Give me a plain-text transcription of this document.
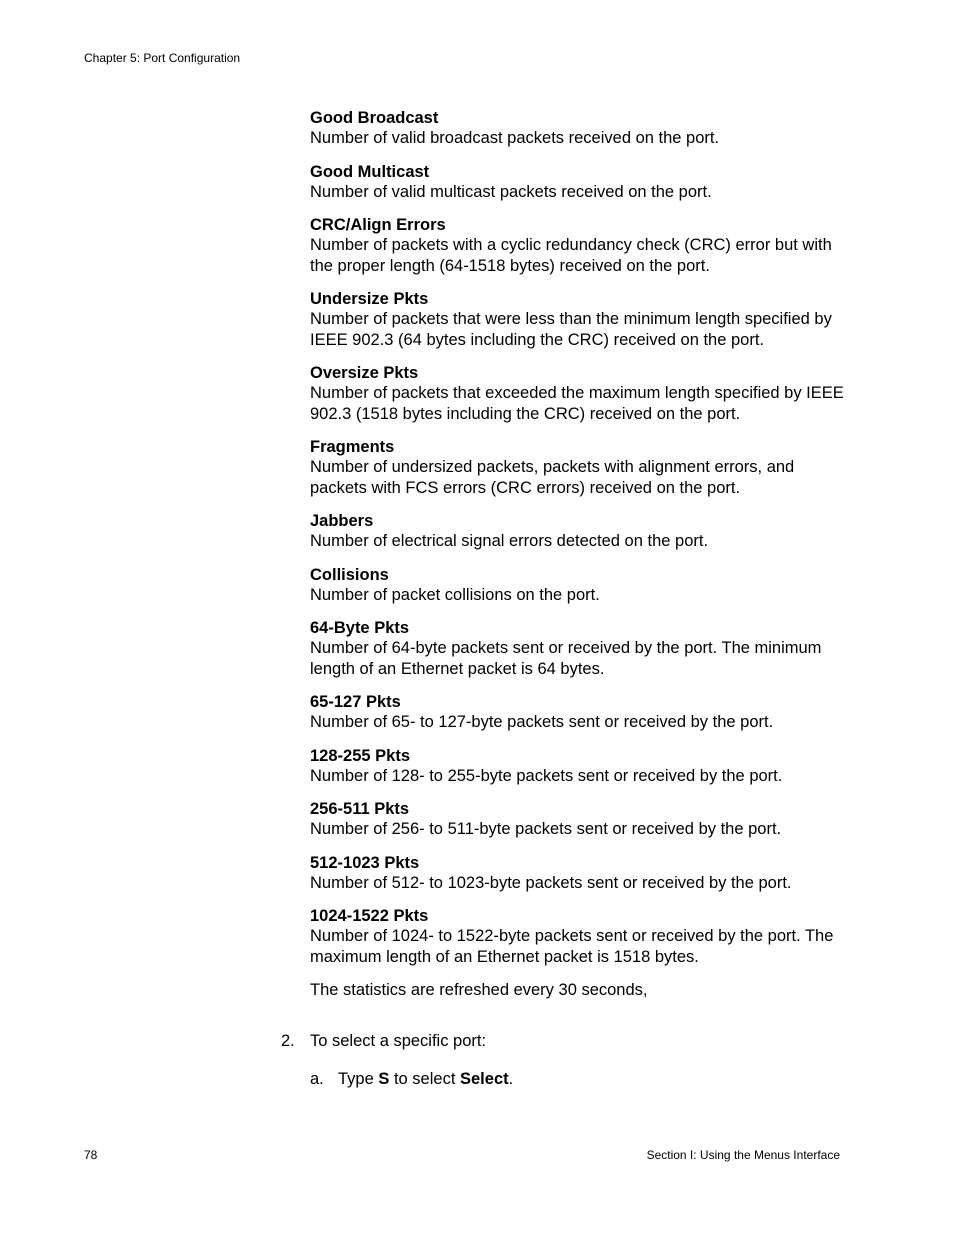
Chapter 5: Port Configuration
Good Broadcast
Number of valid broadcast packets received on the port.
Good Multicast
Number of valid multicast packets received on the port.
CRC/Align Errors
Number of packets with a cyclic redundancy check (CRC) error but with the proper length (64-1518 bytes) received on the port.
Undersize Pkts
Number of packets that were less than the minimum length specified by IEEE 902.3 (64 bytes including the CRC) received on the port.
Oversize Pkts
Number of packets that exceeded the maximum length specified by IEEE 902.3 (1518 bytes including the CRC) received on the port.
Fragments
Number of undersized packets, packets with alignment errors, and packets with FCS errors (CRC errors) received on the port.
Jabbers
Number of electrical signal errors detected on the port.
Collisions
Number of packet collisions on the port.
64-Byte Pkts
Number of 64-byte packets sent or received by the port. The minimum length of an Ethernet packet is 64 bytes.
65-127 Pkts
Number of 65- to 127-byte packets sent or received by the port.
128-255 Pkts
Number of 128- to 255-byte packets sent or received by the port.
256-511 Pkts
Number of 256- to 511-byte packets sent or received by the port.
512-1023 Pkts
Number of 512- to 1023-byte packets sent or received by the port.
1024-1522 Pkts
Number of 1024- to 1522-byte packets sent or received by the port. The maximum length of an Ethernet packet is 1518 bytes.
The statistics are refreshed every 30 seconds,
2. To select a specific port:
a. Type S to select Select.
78	Section I: Using the Menus Interface
